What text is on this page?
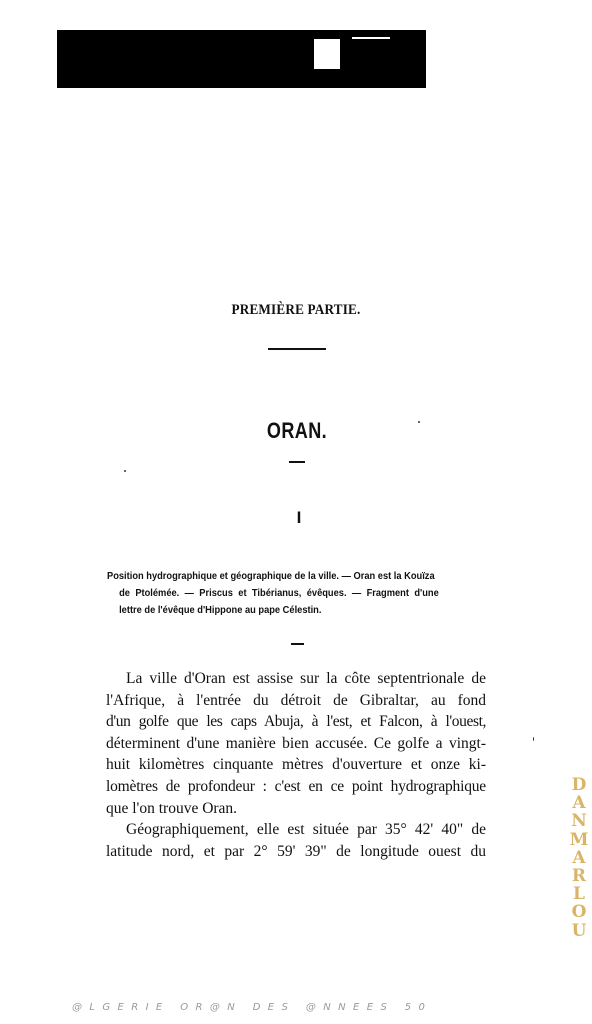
PREMIÈRE PARTIE.
ORAN.
I
Position hydrographique et géographique de la ville. — Oran est la Kouïza
de Ptolémée. — Priscus et Tibérianus, évêques. — Fragment d'une
lettre de l'évêque d'Hippone au pape Célestin.
La ville d'Oran est assise sur la côte septentrionale de
l'Afrique, à l'entrée du détroit de Gibraltar, au fond
d'un golfe que les caps Abuja, à l'est, et Falcon, à l'ouest,
déterminent d'une manière bien accusée. Ce golfe a vingt-
huit kilomètres cinquante mètres d'ouverture et onze ki-
lomètres de profondeur : c'est en ce point hydrographique
que l'on trouve Oran.
Géographiquement, elle est située par 35° 42' 40" de
latitude nord, et par 2° 59' 39" de longitude ouest du
D
A
N
M
A
R
L
O
U
@LGERIE OR@N DES @NNEES 50
